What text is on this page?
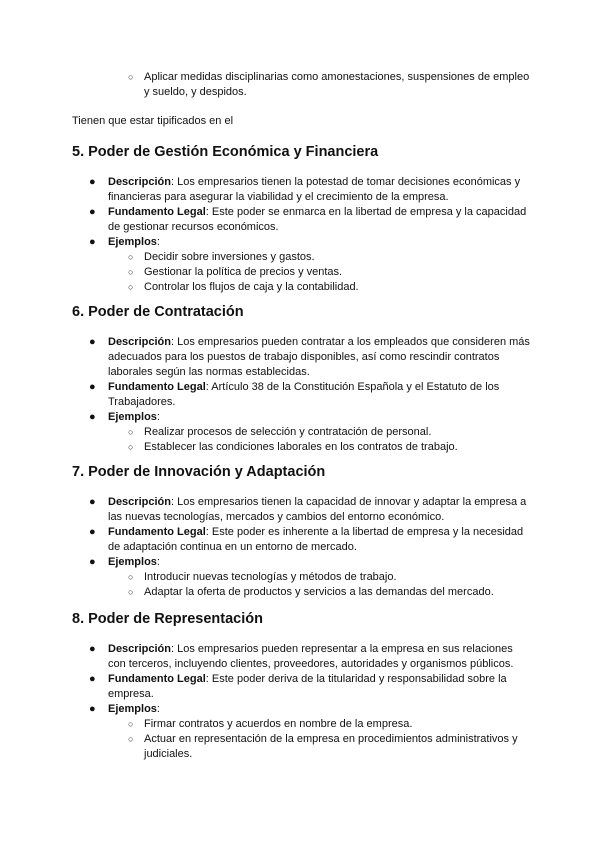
○ Aplicar medidas disciplinarias como amonestaciones, suspensiones de empleo y sueldo, y despidos.
Tienen que estar tipificados en el
5. Poder de Gestión Económica y Financiera
● Descripción: Los empresarios tienen la potestad de tomar decisiones económicas y financieras para asegurar la viabilidad y el crecimiento de la empresa.
● Fundamento Legal: Este poder se enmarca en la libertad de empresa y la capacidad de gestionar recursos económicos.
● Ejemplos:
○ Decidir sobre inversiones y gastos.
○ Gestionar la política de precios y ventas.
○ Controlar los flujos de caja y la contabilidad.
6. Poder de Contratación
● Descripción: Los empresarios pueden contratar a los empleados que consideren más adecuados para los puestos de trabajo disponibles, así como rescindir contratos laborales según las normas establecidas.
● Fundamento Legal: Artículo 38 de la Constitución Española y el Estatuto de los Trabajadores.
● Ejemplos:
○ Realizar procesos de selección y contratación de personal.
○ Establecer las condiciones laborales en los contratos de trabajo.
7. Poder de Innovación y Adaptación
● Descripción: Los empresarios tienen la capacidad de innovar y adaptar la empresa a las nuevas tecnologías, mercados y cambios del entorno económico.
● Fundamento Legal: Este poder es inherente a la libertad de empresa y la necesidad de adaptación continua en un entorno de mercado.
● Ejemplos:
○ Introducir nuevas tecnologías y métodos de trabajo.
○ Adaptar la oferta de productos y servicios a las demandas del mercado.
8. Poder de Representación
● Descripción: Los empresarios pueden representar a la empresa en sus relaciones con terceros, incluyendo clientes, proveedores, autoridades y organismos públicos.
● Fundamento Legal: Este poder deriva de la titularidad y responsabilidad sobre la empresa.
● Ejemplos:
○ Firmar contratos y acuerdos en nombre de la empresa.
○ Actuar en representación de la empresa en procedimientos administrativos y judiciales.
